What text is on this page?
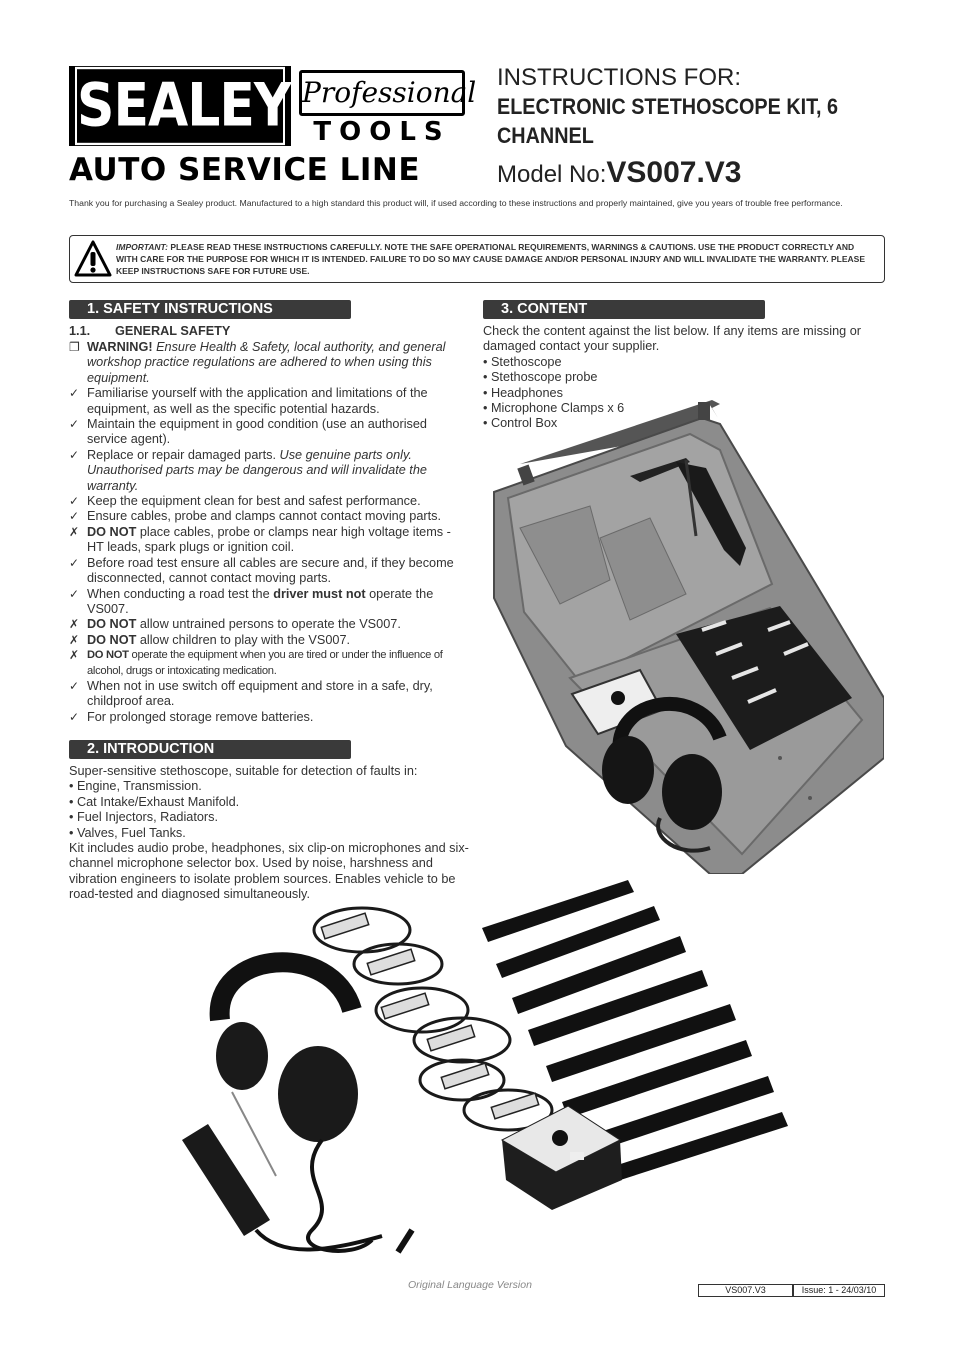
SEALEY Professional
TOOLS
AUTO SERVICE LINE
INSTRUCTIONS FOR:
ELECTRONIC STETHOSCOPE KIT, 6
CHANNEL
Model No:VS007.V3
Thank you for purchasing a Sealey product. Manufactured to a high standard this product will, if used according to these instructions and properly maintained, give you years of trouble free performance.
IMPORTANT: PLEASE READ THESE INSTRUCTIONS CAREFULLY. NOTE THE SAFE OPERATIONAL REQUIREMENTS, WARNINGS & CAUTIONS. USE THE PRODUCT CORRECTLY AND WITH CARE FOR THE PURPOSE FOR WHICH IT IS INTENDED. FAILURE TO DO SO MAY CAUSE DAMAGE AND/OR PERSONAL INJURY AND WILL INVALIDATE THE WARRANTY. PLEASE KEEP INSTRUCTIONS SAFE FOR FUTURE USE.
1. SAFETY INSTRUCTIONS
1.1. GENERAL SAFETY
❐ WARNING! Ensure Health & Safety, local authority, and general workshop practice regulations are adhered to when using this equipment.
✓ Familiarise yourself with the application and limitations of the equipment, as well as the specific potential hazards.
✓ Maintain the equipment in good condition (use an authorised service agent).
✓ Replace or repair damaged parts. Use genuine parts only. Unauthorised parts may be dangerous and will invalidate the warranty.
✓ Keep the equipment clean for best and safest performance.
✓ Ensure cables, probe and clamps cannot contact moving parts.
✗ DO NOT place cables, probe or clamps near high voltage items - HT leads, spark plugs or ignition coil.
✓ Before road test ensure all cables are secure and, if they become disconnected, cannot contact moving parts.
✓ When conducting a road test the driver must not operate the VS007.
✗ DO NOT allow untrained persons to operate the VS007.
✗ DO NOT allow children to play with the VS007.
✗ DO NOT operate the equipment when you are tired or under the influence of alcohol, drugs or intoxicating medication.
✓ When not in use switch off equipment and store in a safe, dry, childproof area.
✓ For prolonged storage remove batteries.
2. INTRODUCTION
Super-sensitive stethoscope, suitable for detection of faults in:
• Engine, Transmission.
• Cat Intake/Exhaust Manifold.
• Fuel Injectors, Radiators.
• Valves, Fuel Tanks.
Kit includes audio probe, headphones, six clip-on microphones and six-channel microphone selector box. Used by noise, harshness and vibration engineers to isolate problem sources. Enables vehicle to be road-tested and diagnosed simultaneously.
3. CONTENT
Check the content against the list below. If any items are missing or damaged contact your supplier.
• Stethoscope
• Stethoscope probe
• Headphones
• Microphone Clamps x 6
• Control Box
Original Language Version	VS007.V3	Issue: 1 - 24/03/10
